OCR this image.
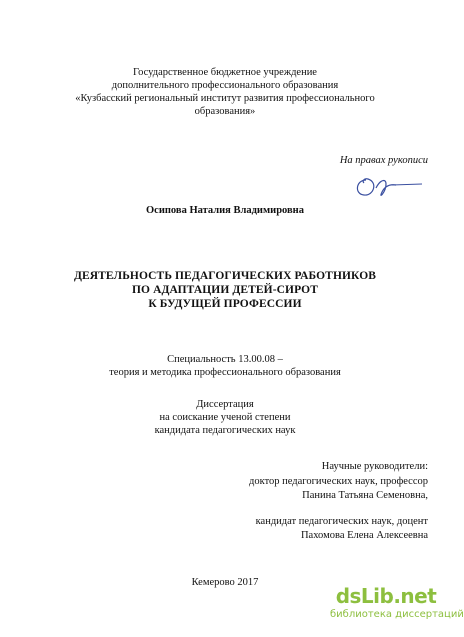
Государственное бюджетное учреждение
дополнительного профессионального образования
«Кузбасский региональный институт развития профессионального
образования»
На правах рукописи
Осипова Наталия Владимировна
ДЕЯТЕЛЬНОСТЬ ПЕДАГОГИЧЕСКИХ РАБОТНИКОВ
ПО АДАПТАЦИИ ДЕТЕЙ-СИРОТ
К БУДУЩЕЙ ПРОФЕССИИ
Специальность 13.00.08 –
теория и методика профессионального образования
Диссертация
на соискание ученой степени
кандидата педагогических наук
Научные руководители:
доктор педагогических наук, профессор
Панина Татьяна Семеновна,
кандидат педагогических наук, доцент
Пахомова Елена Алексеевна
Кемерово 2017
dsLib.net
библиотека диссертаций
